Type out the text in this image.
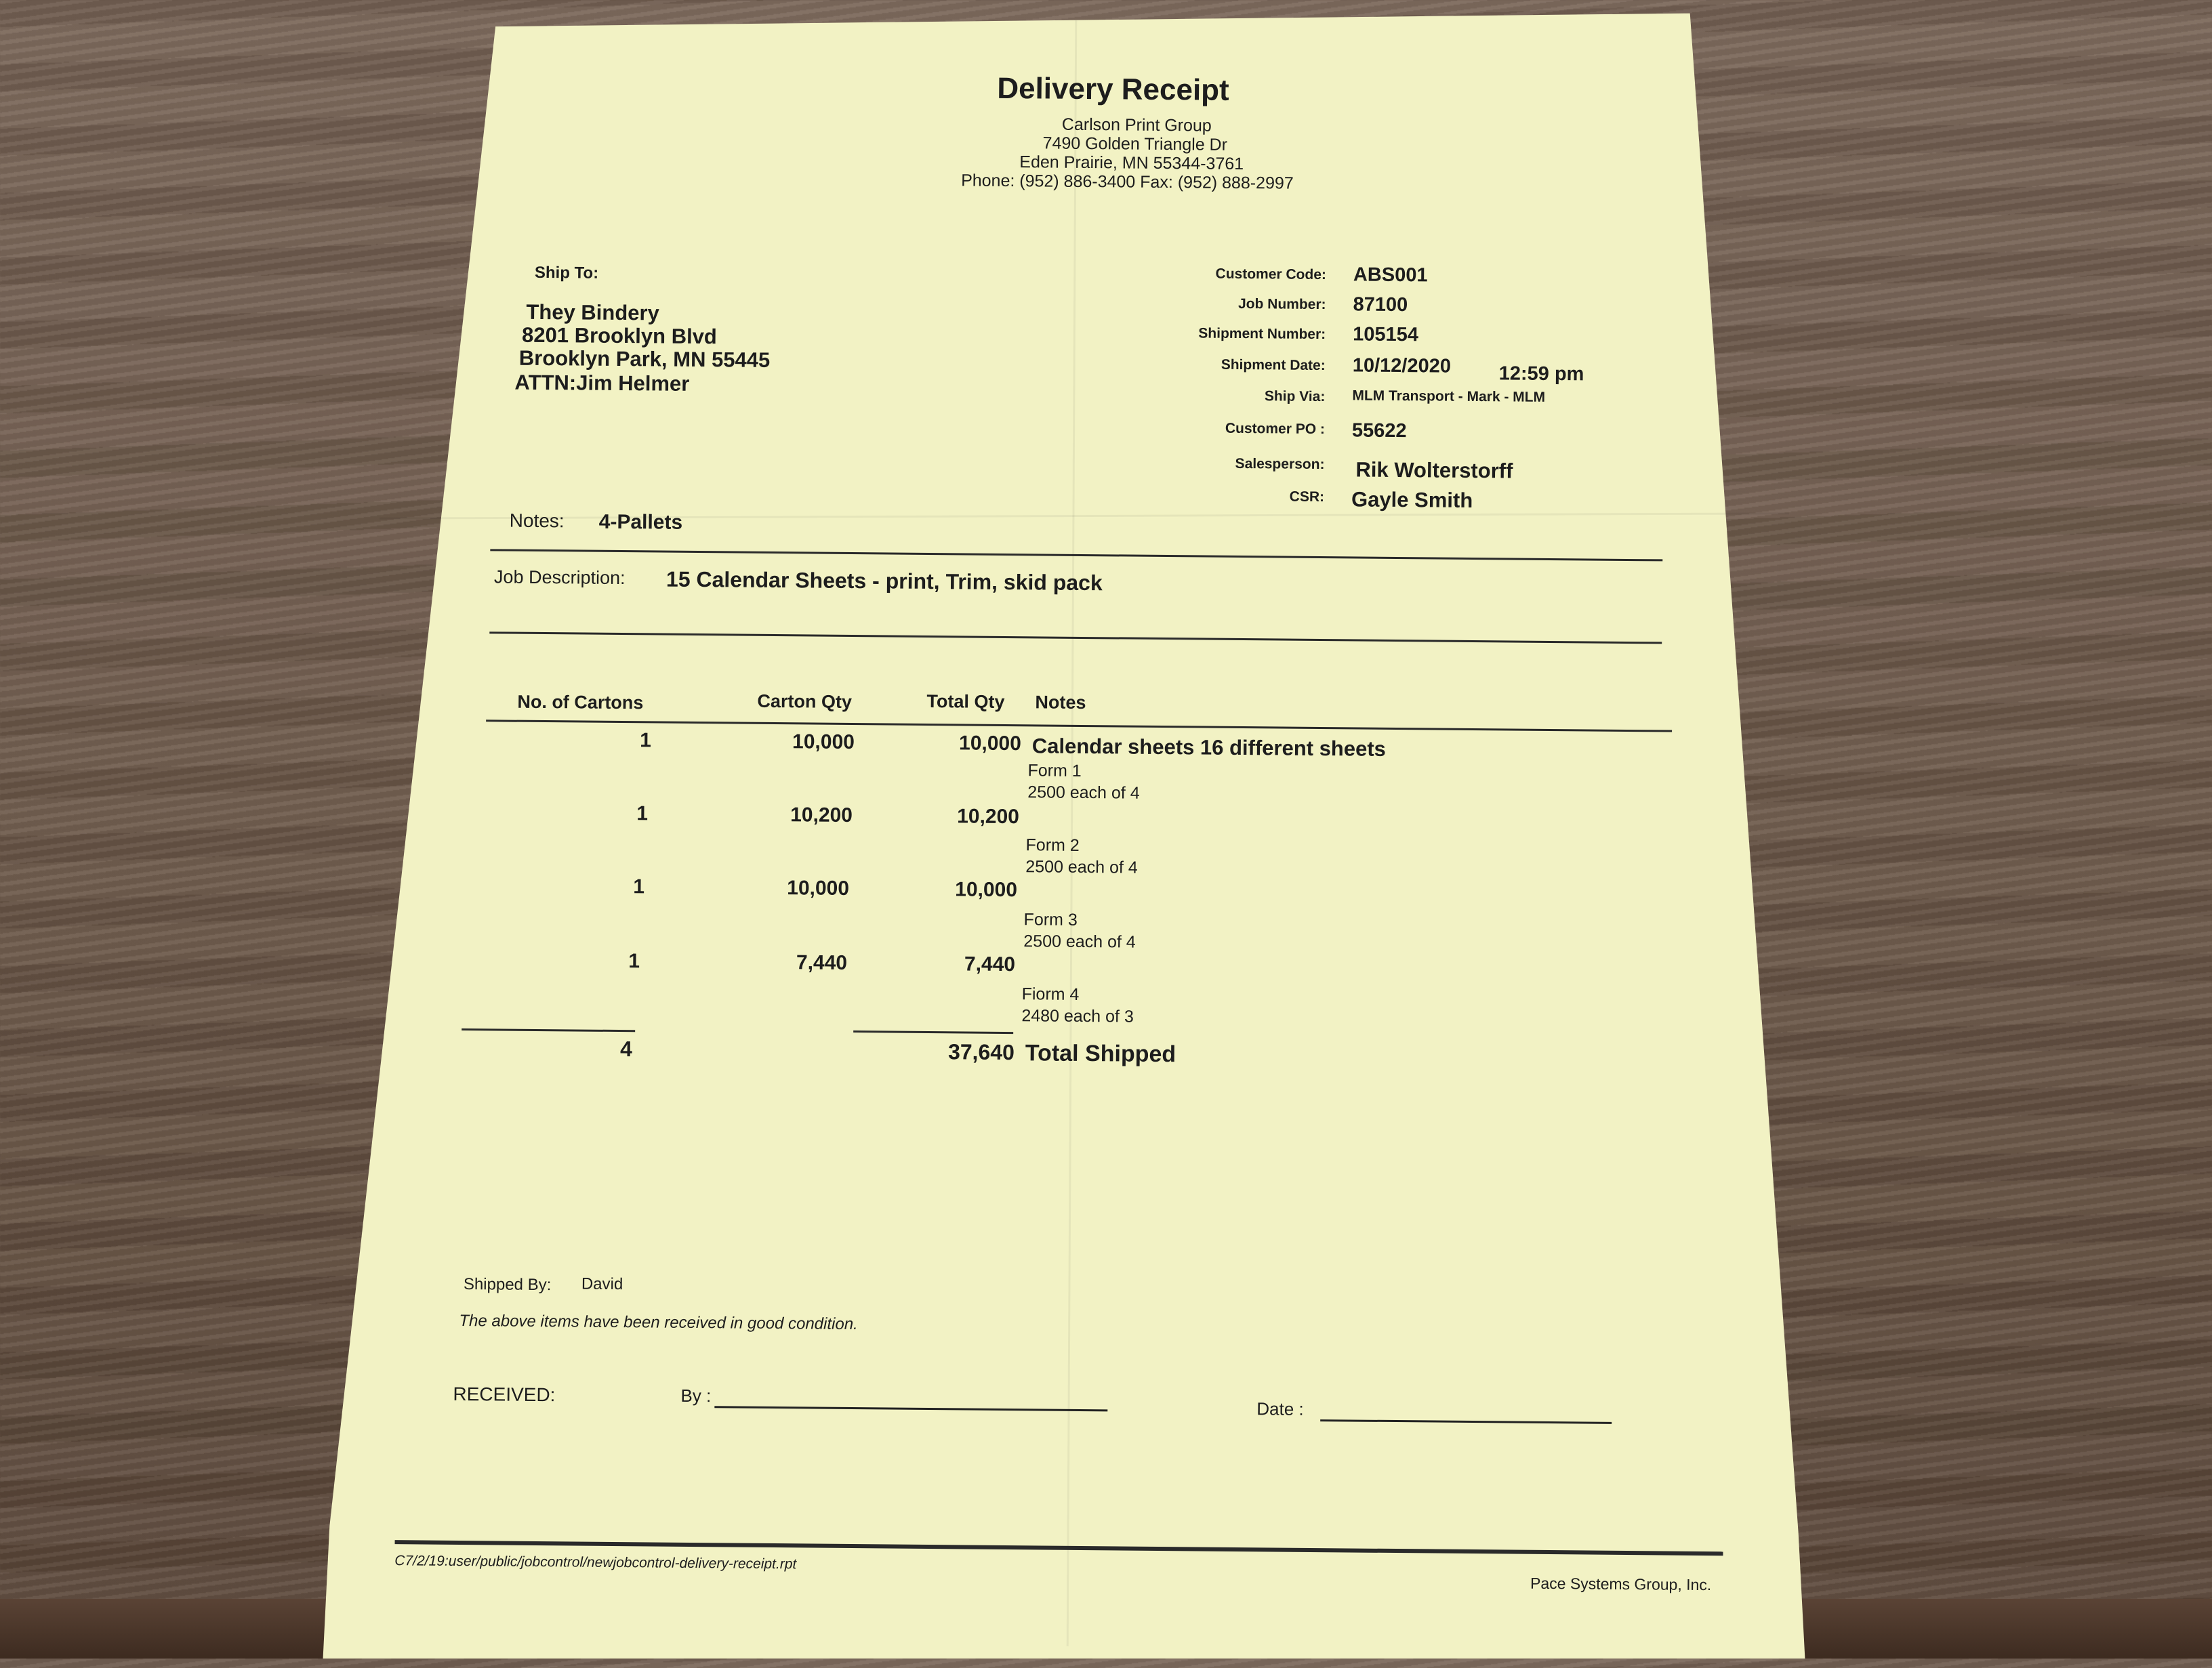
Delivery Receipt
Carlson Print Group
7490 Golden Triangle Dr
Eden Prairie, MN 55344-3761
Phone: (952) 886-3400 Fax: (952) 888-2997
Ship To:
They Bindery
8201 Brooklyn Blvd
Brooklyn Park, MN 55445
ATTN:Jim Helmer
Customer Code: ABS001
Job Number: 87100
Shipment Number: 105154
Shipment Date: 10/12/2020 12:59 pm
Ship Via: MLM Transport - Mark - MLM
Customer PO : 55622
Salesperson: Rik Wolterstorff
CSR: Gayle Smith
Notes: 4-Pallets
Job Description: 15 Calendar Sheets - print, Trim, skid pack
No. of Cartons	Carton Qty	Total Qty Notes
1	10,000	10,000 Calendar sheets 16 different sheets
Form 1
2500 each of 4
1	10,200	10,200
Form 2
2500 each of 4
1	10,000	10,000
Form 3
2500 each of 4
1	7,440	7,440
Fiorm 4
2480 each of 3
4	37,640 Total Shipped
Shipped By: David
The above items have been received in good condition.
RECEIVED:	By :
Date :
C7/2/19:user/public/jobcontrol/newjobcontrol-delivery-receipt.rpt
Pace Systems Group, Inc.
